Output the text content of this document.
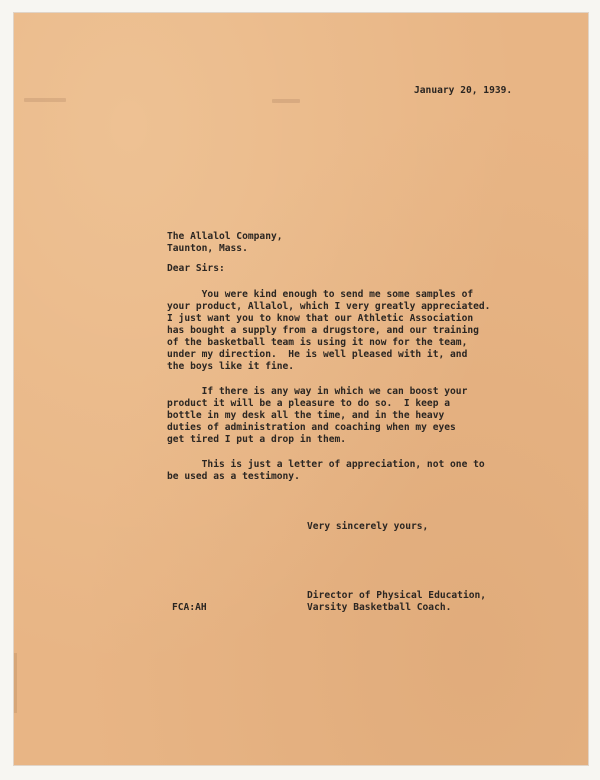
January 20, 1939.

The Allalol Company,

Taunton, Mass.

Dear Sirs:

You were kind enough to send me some samples of

your product, Allalol, which I very greatly appreciated.

I just want you to know that our Athletic Association

has bought a supply from a drugstore, and our training

of the basketball team is using it now for the team,

under my direction.  He is well pleased with it, and

the boys like it fine.

If there is any way in which we can boost your

product it will be a pleasure to do so.  I keep a

bottle in my desk all the time, and in the heavy

duties of administration and coaching when my eyes

get tired I put a drop in them.

This is just a letter of appreciation, not one to

be used as a testimony.

Very sincerely yours,

Director of Physical Education,

Varsity Basketball Coach.

FCA:AH
